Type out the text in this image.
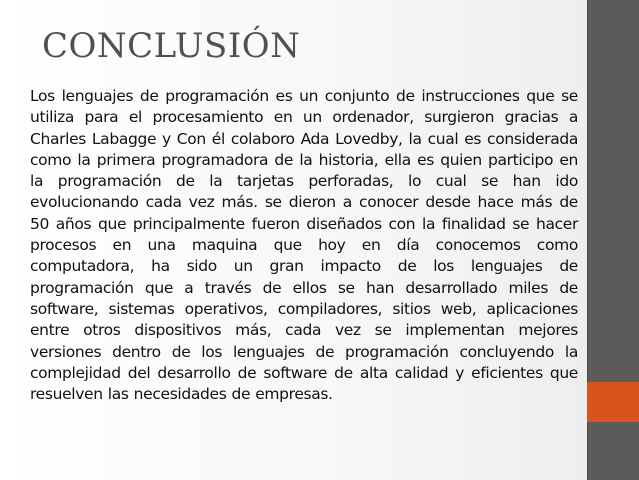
CONCLUSIÓN

Los lenguajes de programación es un conjunto de instrucciones que se utiliza para el procesamiento en un ordenador, surgieron gracias a Charles Labagge y Con él colaboro Ada Lovedby, la cual es considerada como la primera programadora de la historia, ella es quien participo en la programación de la tarjetas perforadas, lo cual se han ido evolucionando cada vez más. se dieron a conocer desde hace más de 50 años que principalmente fueron diseñados con la finalidad se hacer procesos en una maquina que hoy en día conocemos como computadora, ha sido un gran impacto de los lenguajes de programación que a través de ellos se han desarrollado miles de software, sistemas operativos, compiladores, sitios web, aplicaciones entre otros dispositivos más, cada vez se implementan mejores versiones dentro de los lenguajes de programación concluyendo la complejidad del desarrollo de software de alta calidad y eficientes que resuelven las necesidades de empresas.
